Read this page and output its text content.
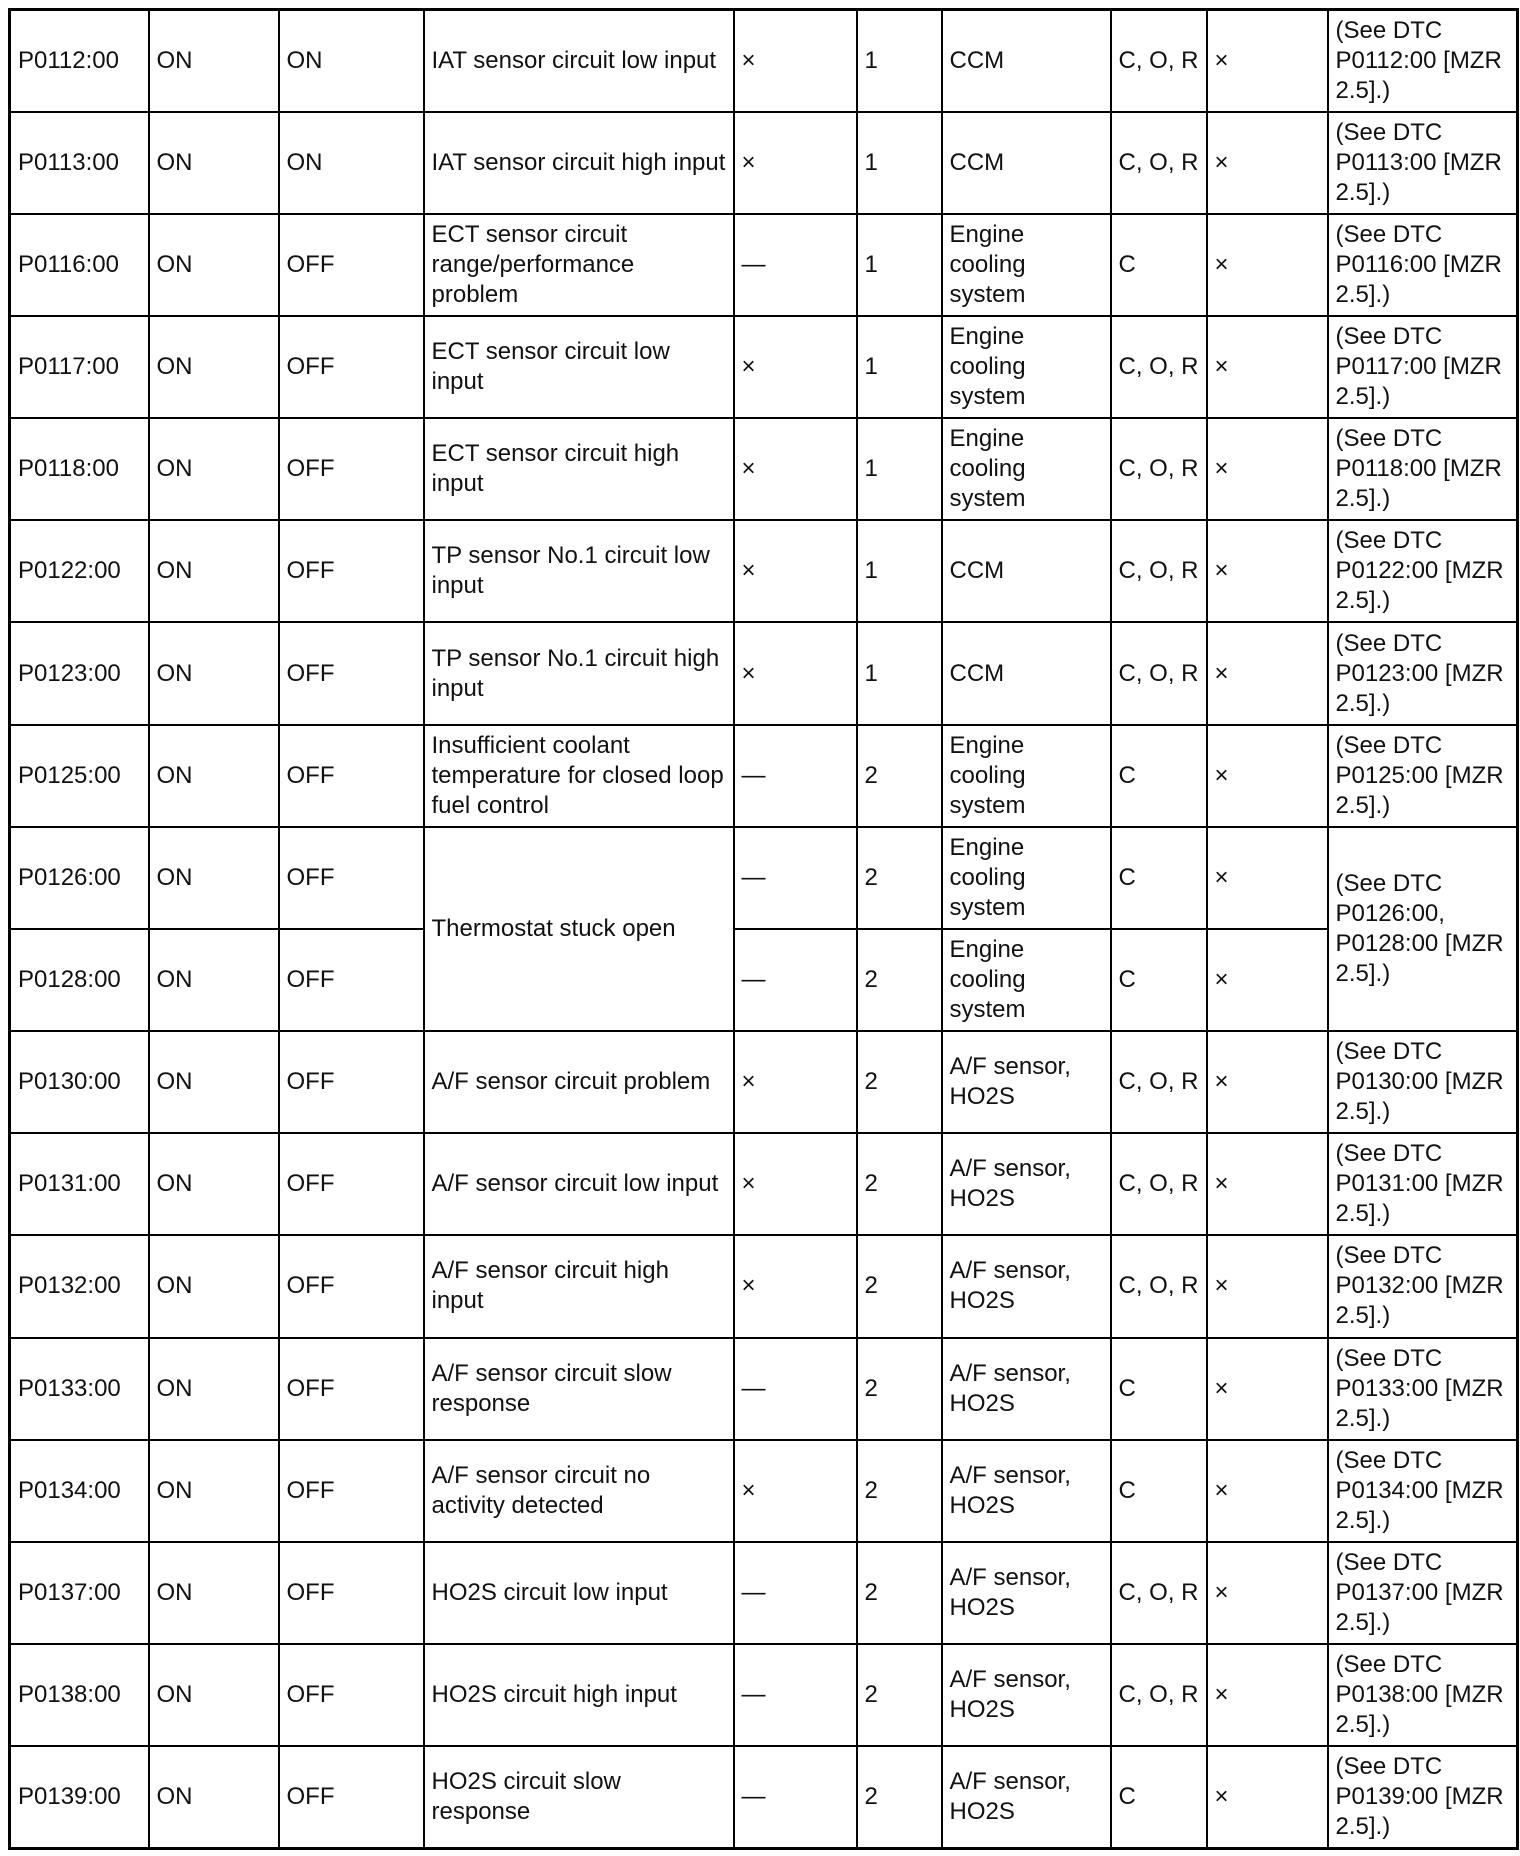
P0112:00	ON	ON	IAT sensor circuit low input	×	1	CCM	C, O, R	×	(See DTC P0112:00 [MZR 2.5].)
P0113:00	ON	ON	IAT sensor circuit high input	×	1	CCM	C, O, R	×	(See DTC P0113:00 [MZR 2.5].)
P0116:00	ON	OFF	ECT sensor circuit range/performance problem	—	1	Engine cooling system	C	×	(See DTC P0116:00 [MZR 2.5].)
P0117:00	ON	OFF	ECT sensor circuit low input	×	1	Engine cooling system	C, O, R	×	(See DTC P0117:00 [MZR 2.5].)
P0118:00	ON	OFF	ECT sensor circuit high input	×	1	Engine cooling system	C, O, R	×	(See DTC P0118:00 [MZR 2.5].)
P0122:00	ON	OFF	TP sensor No.1 circuit low input	×	1	CCM	C, O, R	×	(See DTC P0122:00 [MZR 2.5].)
P0123:00	ON	OFF	TP sensor No.1 circuit high input	×	1	CCM	C, O, R	×	(See DTC P0123:00 [MZR 2.5].)
P0125:00	ON	OFF	Insufficient coolant temperature for closed loop fuel control	—	2	Engine cooling system	C	×	(See DTC P0125:00 [MZR 2.5].)
P0126:00	ON	OFF	Thermostat stuck open	—	2	Engine cooling system	C	×	(See DTC P0126:00, P0128:00 [MZR 2.5].)
P0128:00	ON	OFF		—	2	Engine cooling system	C	×	
P0130:00	ON	OFF	A/F sensor circuit problem	×	2	A/F sensor, HO2S	C, O, R	×	(See DTC P0130:00 [MZR 2.5].)
P0131:00	ON	OFF	A/F sensor circuit low input	×	2	A/F sensor, HO2S	C, O, R	×	(See DTC P0131:00 [MZR 2.5].)
P0132:00	ON	OFF	A/F sensor circuit high input	×	2	A/F sensor, HO2S	C, O, R	×	(See DTC P0132:00 [MZR 2.5].)
P0133:00	ON	OFF	A/F sensor circuit slow response	—	2	A/F sensor, HO2S	C	×	(See DTC P0133:00 [MZR 2.5].)
P0134:00	ON	OFF	A/F sensor circuit no activity detected	×	2	A/F sensor, HO2S	C	×	(See DTC P0134:00 [MZR 2.5].)
P0137:00	ON	OFF	HO2S circuit low input	—	2	A/F sensor, HO2S	C, O, R	×	(See DTC P0137:00 [MZR 2.5].)
P0138:00	ON	OFF	HO2S circuit high input	—	2	A/F sensor, HO2S	C, O, R	×	(See DTC P0138:00 [MZR 2.5].)
P0139:00	ON	OFF	HO2S circuit slow response	—	2	A/F sensor, HO2S	C	×	(See DTC P0139:00 [MZR 2.5].)
